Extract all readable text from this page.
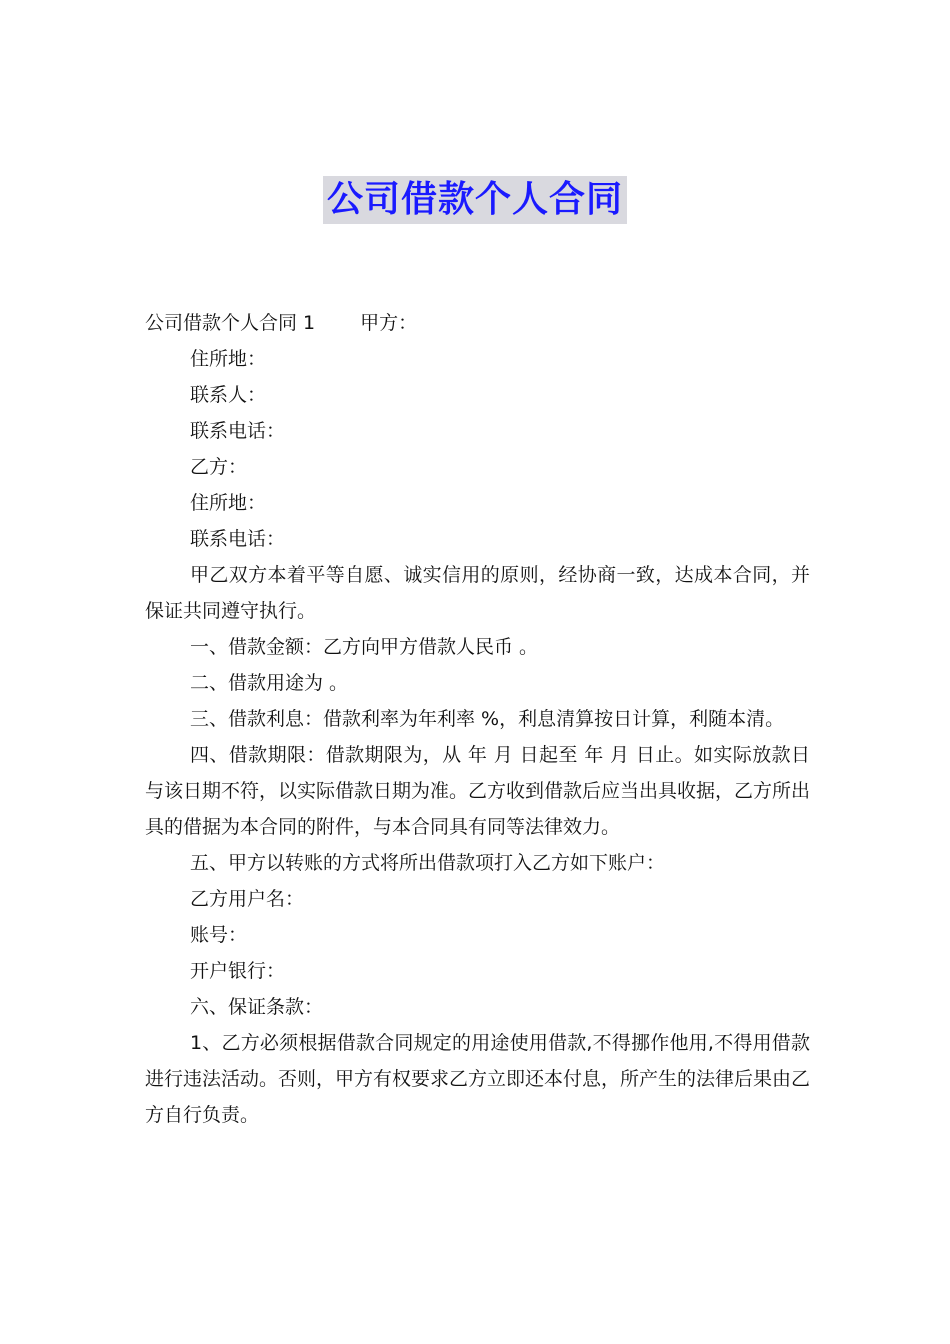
公司借款个人合同

公司借款个人合同 1 甲方：

住所地：

联系人：

联系电话：

乙方：

住所地：

联系电话：

甲乙双方本着平等自愿、诚实信用的原则，经协商一致，达成本合同，并保证共同遵守执行。

一、借款金额：乙方向甲方借款人民币 。

二、借款用途为 。

三、借款利息：借款利率为年利率 %，利息清算按日计算，利随本清。

四、借款期限：借款期限为，从 年 月 日起至 年 月 日止。如实际放款日与该日期不符，以实际借款日期为准。乙方收到借款后应当出具收据，乙方所出具的借据为本合同的附件，与本合同具有同等法律效力。

五、甲方以转账的方式将所出借款项打入乙方如下账户：

乙方用户名：

账号：

开户银行：

六、保证条款：

1、乙方必须根据借款合同规定的用途使用借款,不得挪作他用,不得用借款进行违法活动。否则，甲方有权要求乙方立即还本付息，所产生的法律后果由乙方自行负责。
